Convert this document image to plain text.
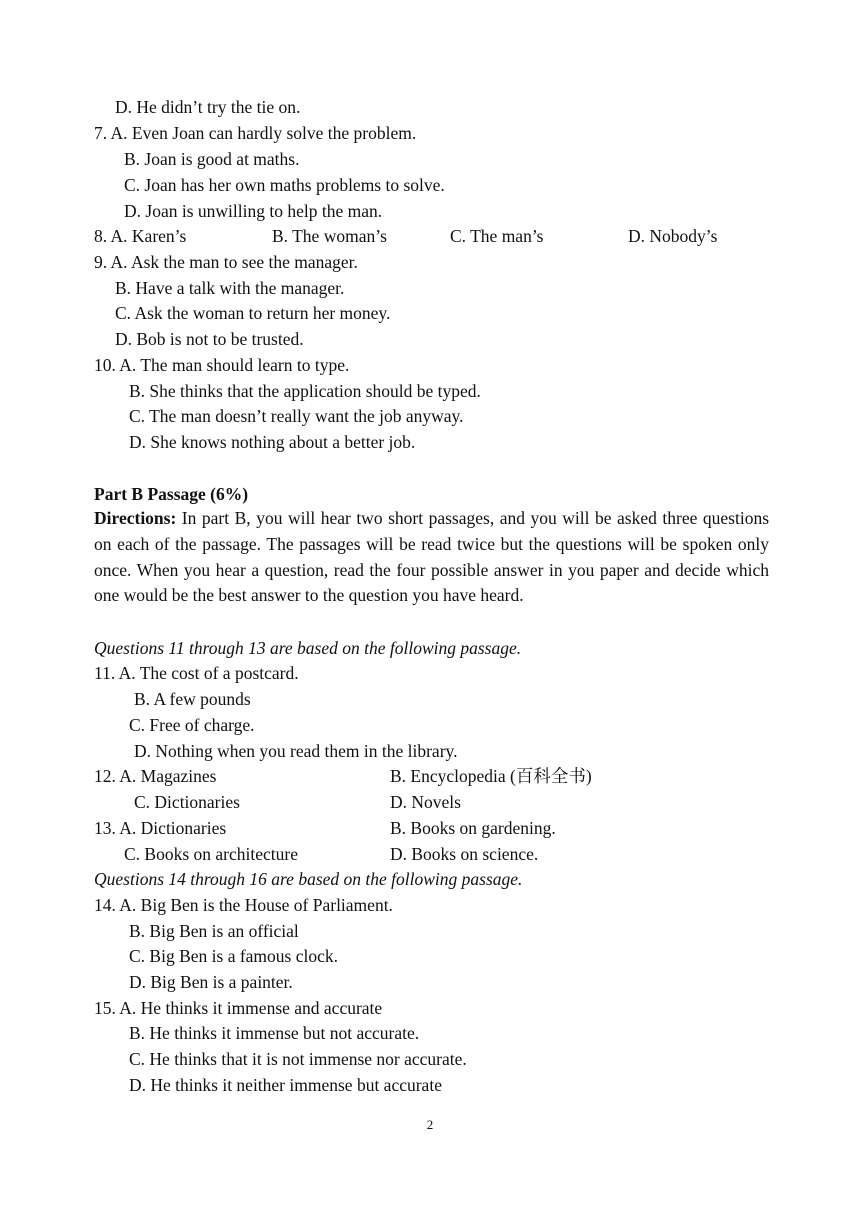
D. He didn’t try the tie on.
7. A. Even Joan can hardly solve the problem.
B. Joan is good at maths.
C. Joan has her own maths problems to solve.
D. Joan is unwilling to help the man.
8. A. Karen’s	B. The woman’s	C. The man’s	D. Nobody’s
9. A. Ask the man to see the manager.
B. Have a talk with the manager.
C. Ask the woman to return her money.
D. Bob is not to be trusted.
10. A. The man should learn to type.
B. She thinks that the application should be typed.
C. The man doesn’t really want the job anyway.
D. She knows nothing about a better job.
Part B Passage (6%)
Directions: In part B, you will hear two short passages, and you will be asked three questions on each of the passage. The passages will be read twice but the questions will be spoken only once. When you hear a question, read the four possible answer in you paper and decide which one would be the best answer to the question you have heard.
Questions 11 through 13 are based on the following passage.
11. A. The cost of a postcard.
B. A few pounds
C. Free of charge.
D. Nothing when you read them in the library.
12. A. Magazines	B. Encyclopedia (百科全书)
C. Dictionaries	D. Novels
13. A. Dictionaries	B. Books on gardening.
C. Books on architecture	D. Books on science.
Questions 14 through 16 are based on the following passage.
14. A. Big Ben is the House of Parliament.
B. Big Ben is an official
C. Big Ben is a famous clock.
D. Big Ben is a painter.
15. A. He thinks it immense and accurate
B. He thinks it immense but not accurate.
C. He thinks that it is not immense nor accurate.
D. He thinks it neither immense but accurate
2
